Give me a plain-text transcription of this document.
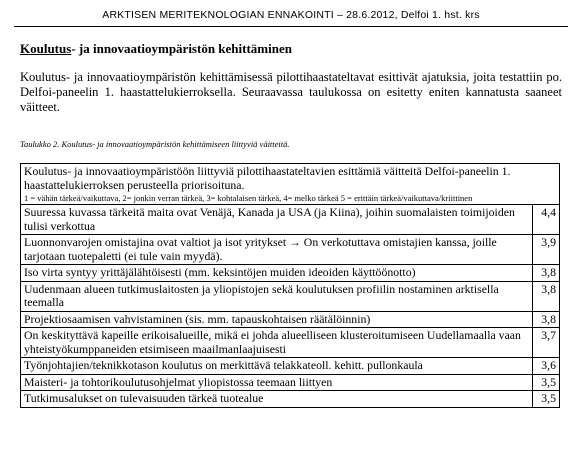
ARKTISEN MERITEKNOLOGIAN ENNAKOINTI – 28.6.2012, Delfoi 1. hst. krs
Koulutus- ja innovaatioympäristön kehittäminen
Koulutus- ja innovaatioympäristön kehittämisessä pilottihaastateltavat esittivät ajatuksia, joita testattiin po. Delfoi-paneelin 1. haastattelukierroksella. Seuraavassa taulukossa on esitetty eniten kannatusta saaneet väitteet.
Taulukko 2. Koulutus- ja innovaatioympäristön kehittämiseen liittyviä väitteitä.
Koulutus- ja innovaatioympäristöön liittyviä pilottihaastateltavien esittämiä väitteitä Delfoi-paneelin 1. haastattelukierroksen perusteella priorisoituna.
1 = vähän tärkeä/vaikuttava, 2= jonkin verran tärkeä, 3= kohtalaisen tärkeä, 4= melko tärkeä 5 = erittäin tärkeä/vaikuttava/kriittinen	

Suuressa kuvassa tärkeitä maita ovat Venäjä, Kanada ja USA (ja Kiina), joihin suomalaisten toimijoiden tulisi verkottua	4,4
Luonnonvarojen omistajina ovat valtiot ja isot yritykset → On verkotuttava omistajien kanssa, joille tarjotaan tuotepaletti (ei tule vain myydä).	3,9
Iso virta syntyy yrittäjälähtöisesti (mm. keksintöjen muiden ideoiden käyttöönotto)	3,8
Uudenmaan alueen tutkimuslaitosten ja yliopistojen sekä koulutuksen profiilin nostaminen arktisella teemalla	3,8
Projektiosaamisen vahvistaminen (sis. mm. tapauskohtaisen räätälöinnin)	3,8
On keskityttävä kapeille erikoisalueille, mikä ei johda alueelliseen klusteroitumiseen Uudellamaalla vaan yhteistyökumppaneiden etsimiseen maailmanlaajuisesti	3,7
Työnjohtajien/teknikkotason koulutus on merkittävä telakkateoll. kehitt. pullonkaula	3,6
Maisteri- ja tohtorikoulutusohjelmat yliopistossa teemaan liittyen	3,5
Tutkimusalukset on tulevaisuuden tärkeä tuotealue	3,5
